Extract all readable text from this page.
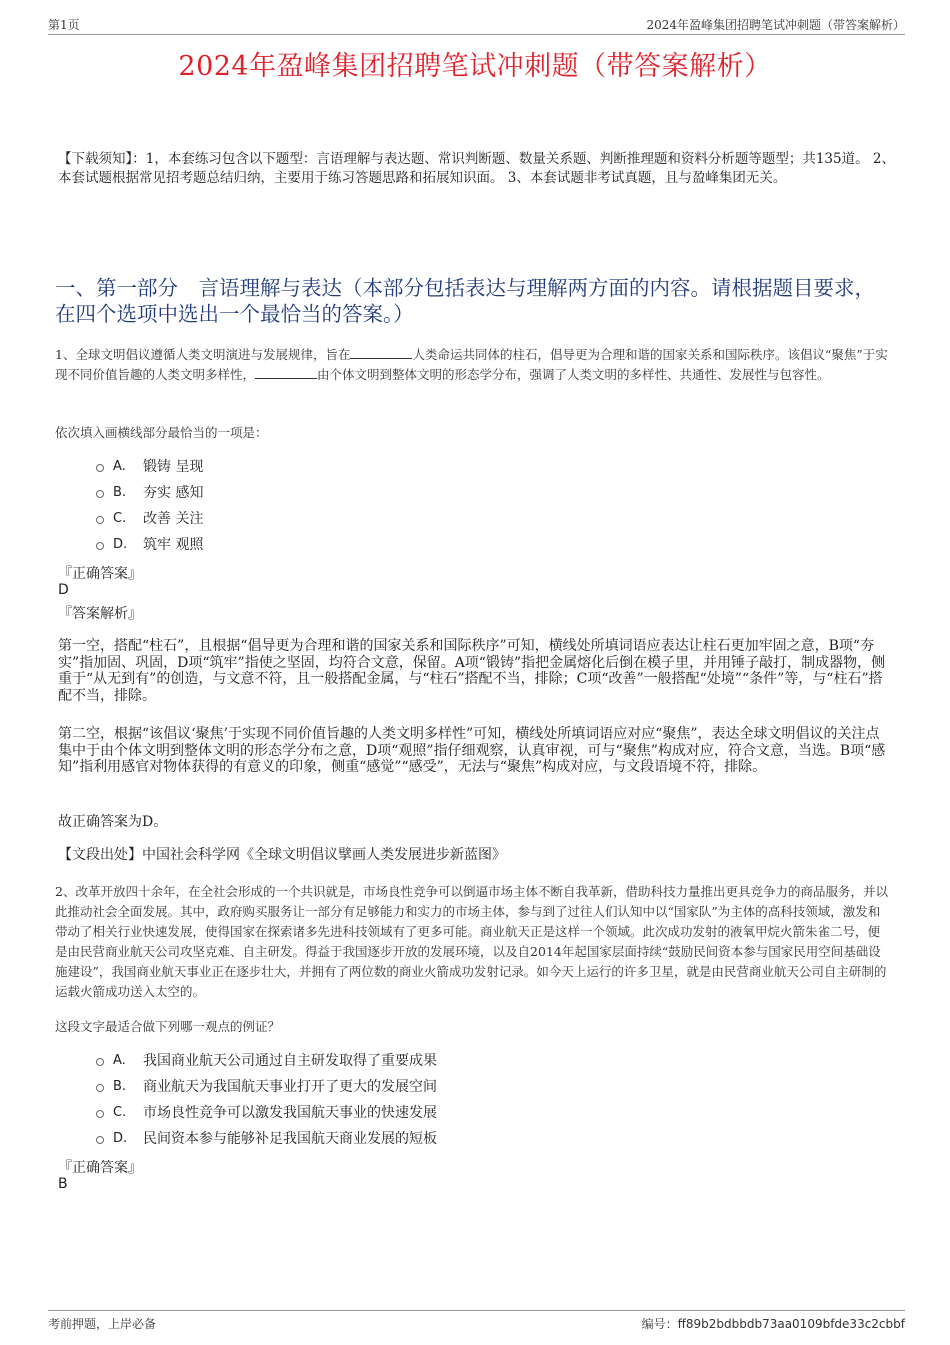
第1页	2024年盈峰集团招聘笔试冲刺题（带答案解析）
2024年盈峰集团招聘笔试冲刺题（带答案解析）
【下载须知】：1，本套练习包含以下题型：言语理解与表达题、常识判断题、数量关系题、判断推理题和资料分析题等题型；共135道。 2、本套试题根据常见招考题总结归纳，主要用于练习答题思路和拓展知识面。 3、本套试题非考试真题，且与盈峰集团无关。
一、第一部分　言语理解与表达（本部分包括表达与理解两方面的内容。请根据题目要求，在四个选项中选出一个最恰当的答案。）
1、全球文明倡议遵循人类文明演进与发展规律，旨在	人类命运共同体的柱石，倡导更为合理和谐的国家关系和国际秩序。该倡议“聚焦”于实现不同价值旨趣的人类文明多样性，	由个体文明到整体文明的形态学分布，强调了人类文明的多样性、共通性、发展性与包容性。
依次填入画横线部分最恰当的一项是：
A.	锻铸 呈现
B.	夯实 感知
C.	改善 关注
D.	筑牢 观照
『正确答案』
D
『答案解析』
第一空，搭配“柱石”，且根据“倡导更为合理和谐的国家关系和国际秩序”可知，横线处所填词语应表达让柱石更加牢固之意，B项“夯实”指加固、巩固，D项“筑牢”指使之坚固，均符合文意，保留。A项“锻铸”指把金属熔化后倒在模子里，并用锤子敲打，制成器物，侧重于“从无到有”的创造，与文意不符，且一般搭配金属，与“柱石”搭配不当，排除；C项“改善”一般搭配“处境”“条件”等，与“柱石”搭配不当，排除。
第二空，根据“该倡议‘聚焦’于实现不同价值旨趣的人类文明多样性”可知，横线处所填词语应对应“聚焦”，表达全球文明倡议的关注点集中于由个体文明到整体文明的形态学分布之意，D项“观照”指仔细观察，认真审视，可与“聚焦”构成对应，符合文意，当选。B项“感知”指利用感官对物体获得的有意义的印象，侧重“感觉”“感受”，无法与“聚焦”构成对应，与文段语境不符，排除。
故正确答案为D。
【文段出处】中国社会科学网《全球文明倡议擘画人类发展进步新蓝图》
2、改革开放四十余年，在全社会形成的一个共识就是，市场良性竞争可以倒逼市场主体不断自我革新，借助科技力量推出更具竞争力的商品服务，并以此推动社会全面发展。其中，政府购买服务让一部分有足够能力和实力的市场主体，参与到了过往人们认知中以“国家队”为主体的高科技领域，激发和带动了相关行业快速发展，使得国家在探索诸多先进科技领域有了更多可能。商业航天正是这样一个领域。此次成功发射的液氧甲烷火箭朱雀二号，便是由民营商业航天公司攻坚克难、自主研发。得益于我国逐步开放的发展环境，以及自2014年起国家层面持续“鼓励民间资本参与国家民用空间基础设施建设”，我国商业航天事业正在逐步壮大，并拥有了两位数的商业火箭成功发射记录。如今天上运行的许多卫星，就是由民营商业航天公司自主研制的运载火箭成功送入太空的。
这段文字最适合做下列哪一观点的例证？
A.	我国商业航天公司通过自主研发取得了重要成果
B.	商业航天为我国航天事业打开了更大的发展空间
C.	市场良性竞争可以激发我国航天事业的快速发展
D.	民间资本参与能够补足我国航天商业发展的短板
『正确答案』
B
考前押题，上岸必备	编号：ff89b2bdbbdb73aa0109bfde33c2cbbf
